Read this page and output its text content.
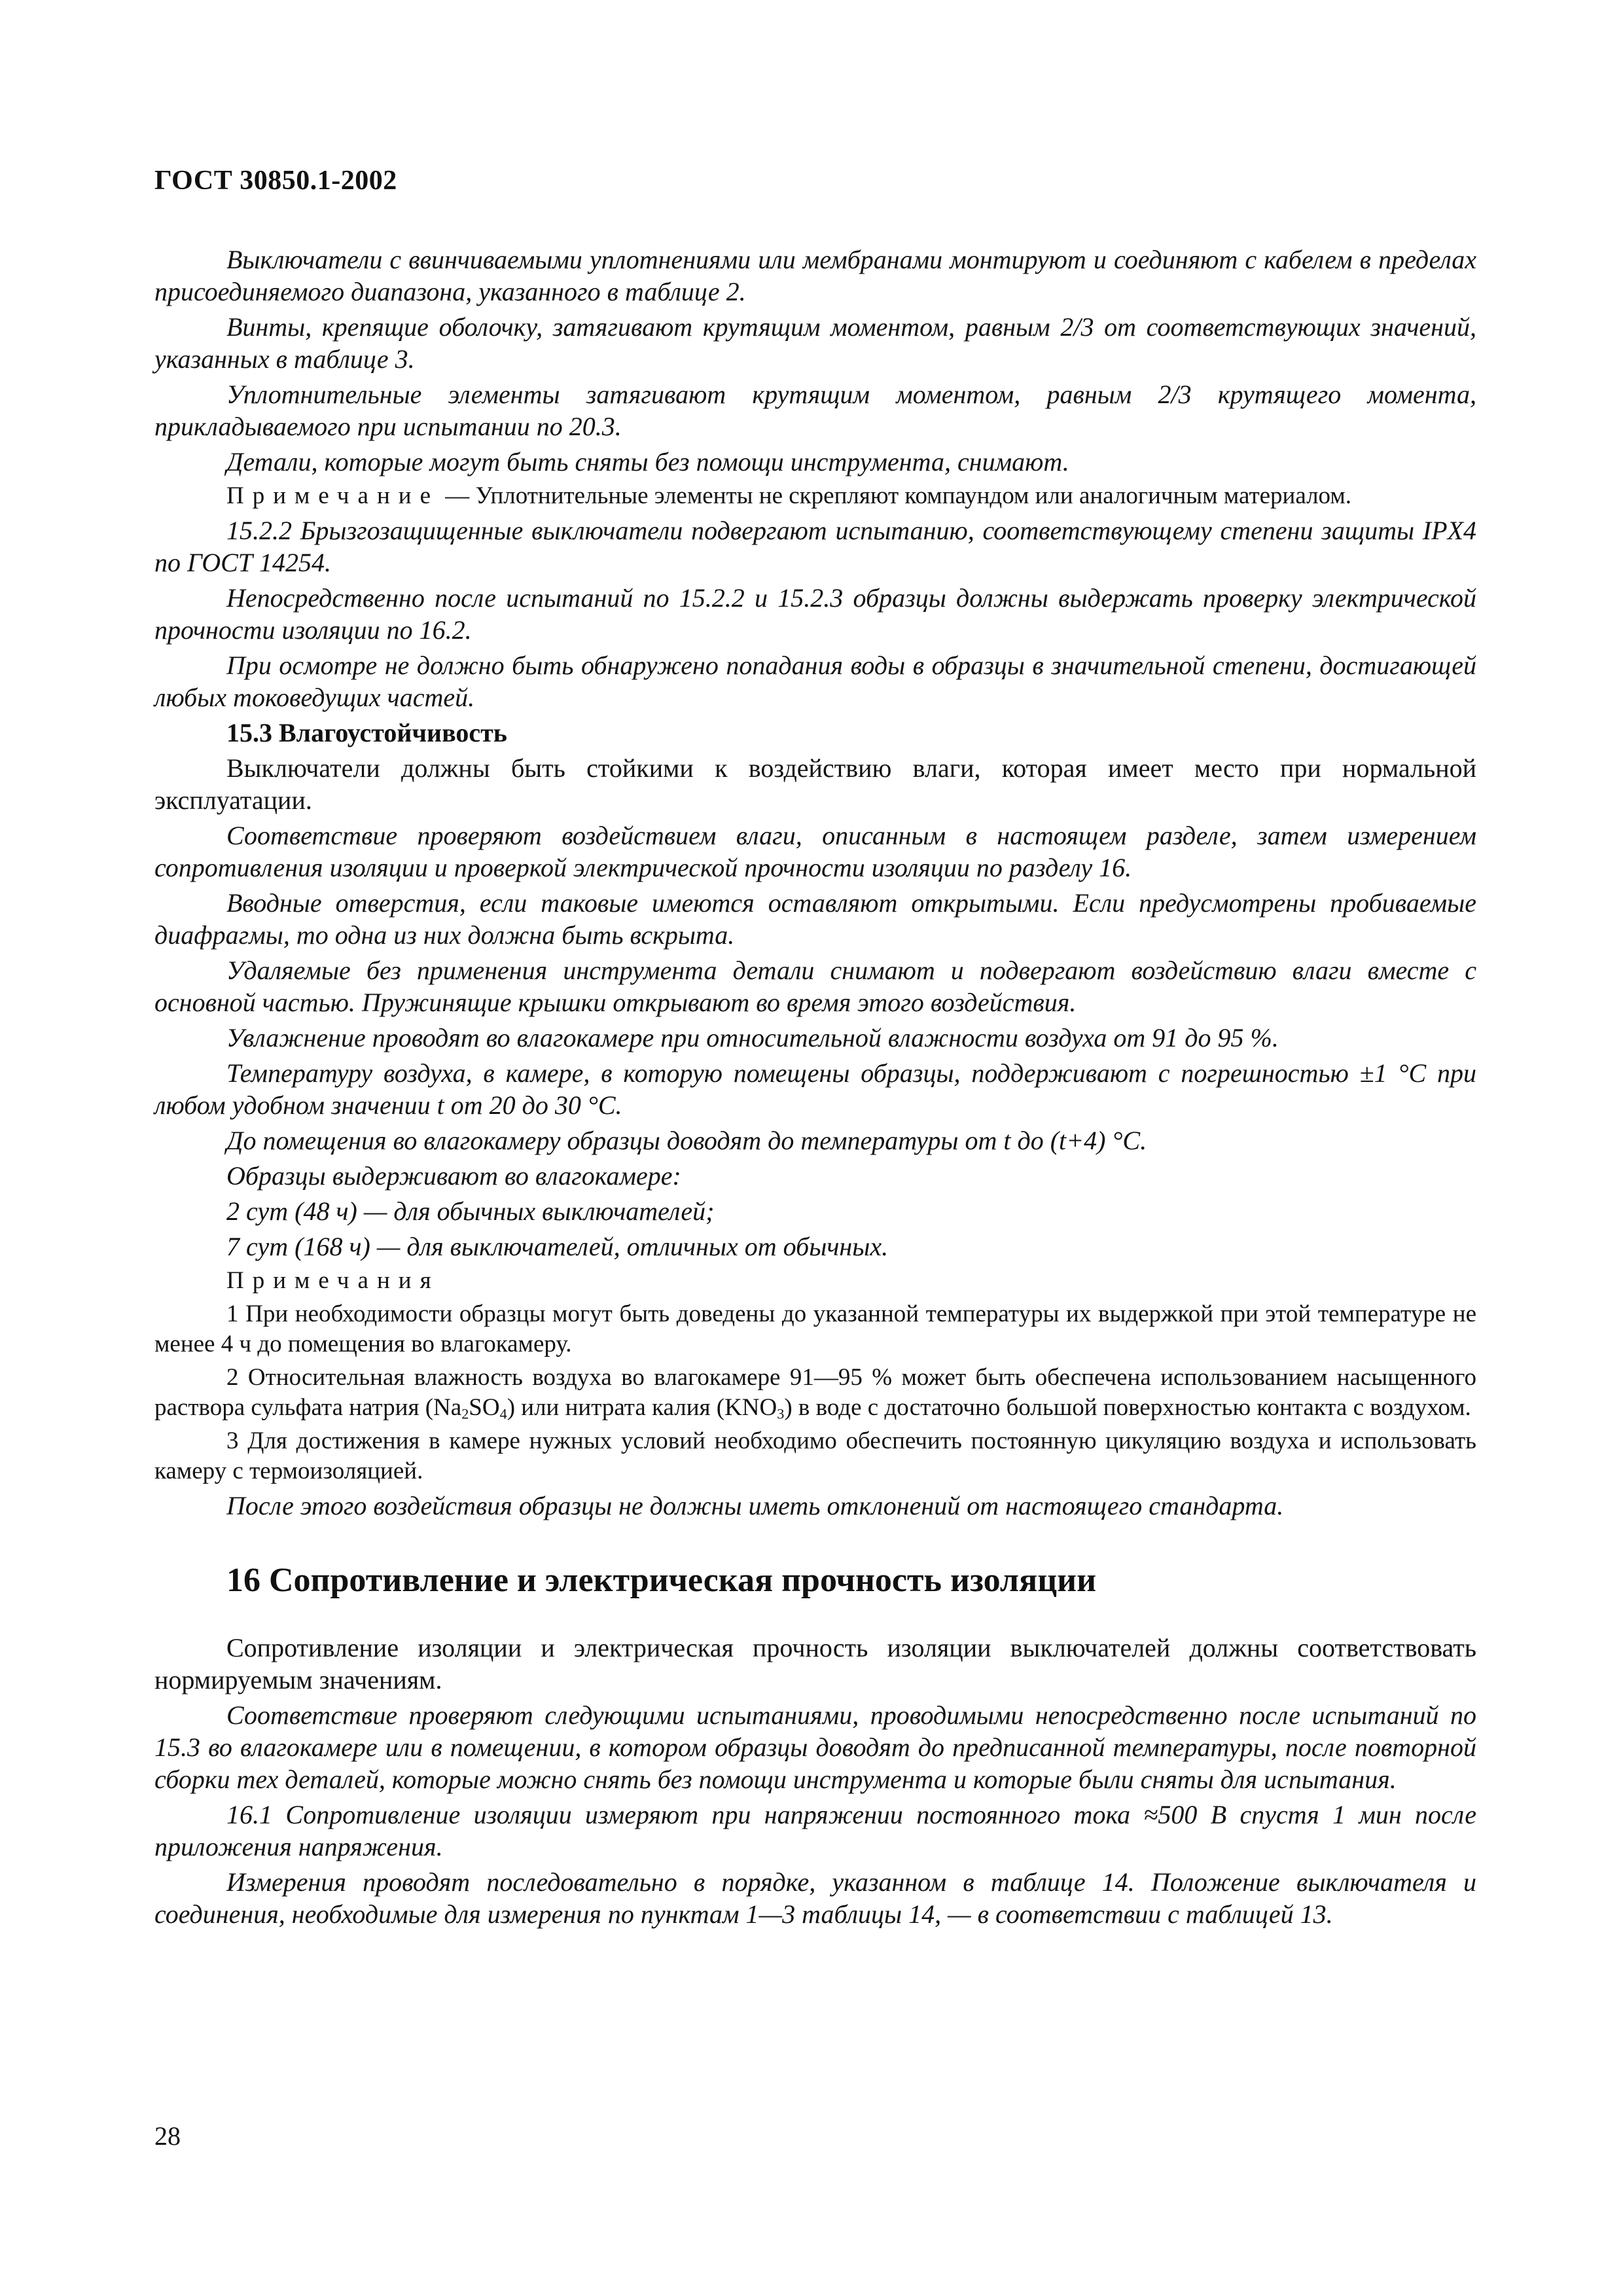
ГОСТ 30850.1-2002

Выключатели с ввинчиваемыми уплотнениями или мембранами монтируют и соединяют с кабелем в пределах присоединяемого диапазона, указанного в таблице 2.

Винты, крепящие оболочку, затягивают крутящим моментом, равным 2/3 от соответствующих значений, указанных в таблице 3.

Уплотнительные элементы затягивают крутящим моментом, равным 2/3 крутящего момента, прикладываемого при испытании по 20.3.

Детали, которые могут быть сняты без помощи инструмента, снимают.

Примечание — Уплотнительные элементы не скрепляют компаундом или аналогичным материалом.

15.2.2 Брызгозащищенные выключатели подвергают испытанию, соответствующему степени защиты IPX4 по ГОСТ 14254.

Непосредственно после испытаний по 15.2.2 и 15.2.3 образцы должны выдержать проверку электрической прочности изоляции по 16.2.

При осмотре не должно быть обнаружено попадания воды в образцы в значительной степени, достигающей любых токоведущих частей.

15.3 Влагоустойчивость

Выключатели должны быть стойкими к воздействию влаги, которая имеет место при нормальной эксплуатации.

Соответствие проверяют воздействием влаги, описанным в настоящем разделе, затем измерением сопротивления изоляции и проверкой электрической прочности изоляции по разделу 16.

Вводные отверстия, если таковые имеются оставляют открытыми. Если предусмотрены пробиваемые диафрагмы, то одна из них должна быть вскрыта.

Удаляемые без применения инструмента детали снимают и подвергают воздействию влаги вместе с основной частью. Пружинящие крышки открывают во время этого воздействия.

Увлажнение проводят во влагокамере при относительной влажности воздуха от 91 до 95 %.

Температуру воздуха, в камере, в которую помещены образцы, поддерживают с погрешностью ±1 °С при любом удобном значении t от 20 до 30 °С.

До помещения во влагокамеру образцы доводят до температуры от t до (t+4) °С.

Образцы выдерживают во влагокамере:

2 сут (48 ч) — для обычных выключателей;

7 сут (168 ч) — для выключателей, отличных от обычных.

Примечания

1 При необходимости образцы могут быть доведены до указанной температуры их выдержкой при этой температуре не менее 4 ч до помещения во влагокамеру.

2 Относительная влажность воздуха во влагокамере 91—95 % может быть обеспечена использованием насыщенного раствора сульфата натрия $(Na_2SO_4)$ или нитрата калия $(KNO_3)$ в воде с достаточно большой поверхностью контакта с воздухом.

3 Для достижения в камере нужных условий необходимо обеспечить постоянную цикуляцию воздуха и использовать камеру с термоизоляцией.

После этого воздействия образцы не должны иметь отклонений от настоящего стандарта.

16 Сопротивление и электрическая прочность изоляции

Сопротивление изоляции и электрическая прочность изоляции выключателей должны соответствовать нормируемым значениям.

Соответствие проверяют следующими испытаниями, проводимыми непосредственно после испытаний по 15.3 во влагокамере или в помещении, в котором образцы доводят до предписанной температуры, после повторной сборки тех деталей, которые можно снять без помощи инструмента и которые были сняты для испытания.

16.1 Сопротивление изоляции измеряют при напряжении постоянного тока ≈500 В спустя 1 мин после приложения напряжения.

Измерения проводят последовательно в порядке, указанном в таблице 14. Положение выключателя и соединения, необходимые для измерения по пунктам 1—3 таблицы 14, — в соответствии с таблицей 13.

28
